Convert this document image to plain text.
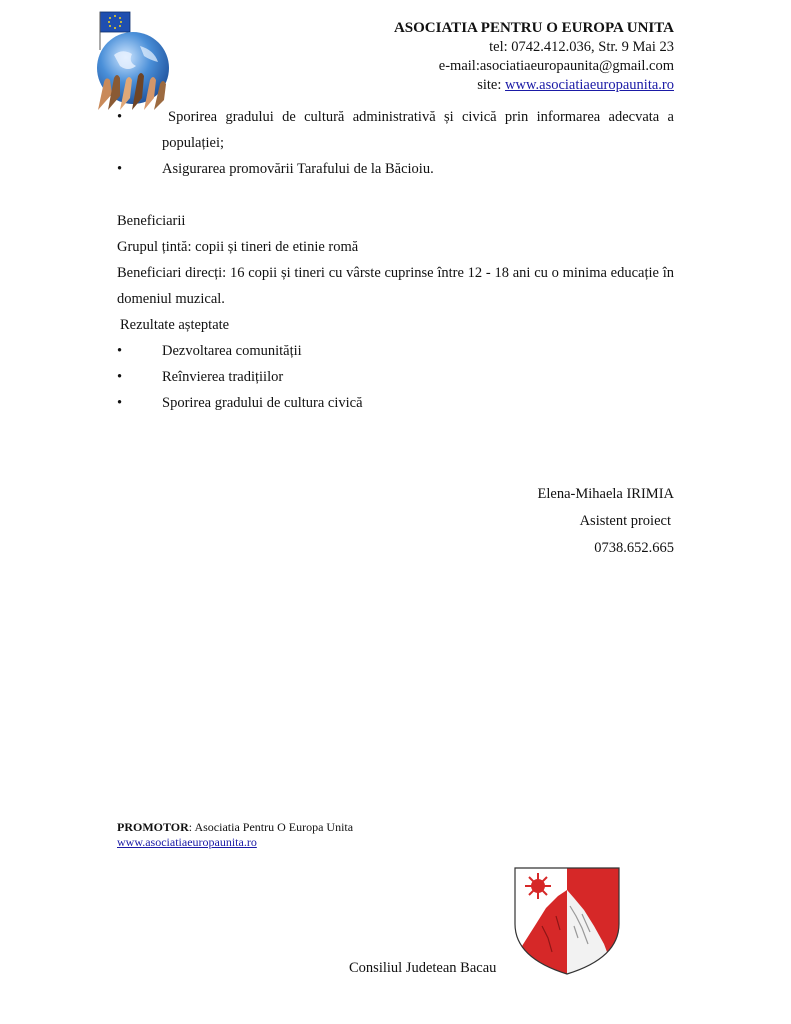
ASOCIATIA PENTRU O EUROPA UNITA
tel: 0742.412.036, Str. 9 Mai 23
e-mail:asociatiaeuropaunita@gmail.com
site: www.asociatiaeuropaunita.ro
•	Sporirea gradului de cultură administrativă și civică prin informarea adecvata a populației;
•	Asigurarea promovării Tarafului de la Băcioiu.

Beneficiarii

Grupul țintă: copii și tineri de etinie romă

Beneficiari direcți: 16 copii și tineri cu vârste cuprinse între 12 - 18 ani cu o minima educație în domeniul muzical.

Rezultate așteptate

•	Dezvoltarea comunității
•	Reînvierea tradițiilor
•	Sporirea gradului de cultura civică
Elena-Mihaela IRIMIA
Asistent proiect
0738.652.665
PROMOTOR: Asociatia Pentru O Europa Unita
www.asociatiaeuropaunita.ro
Consiliul Judetean Bacau
